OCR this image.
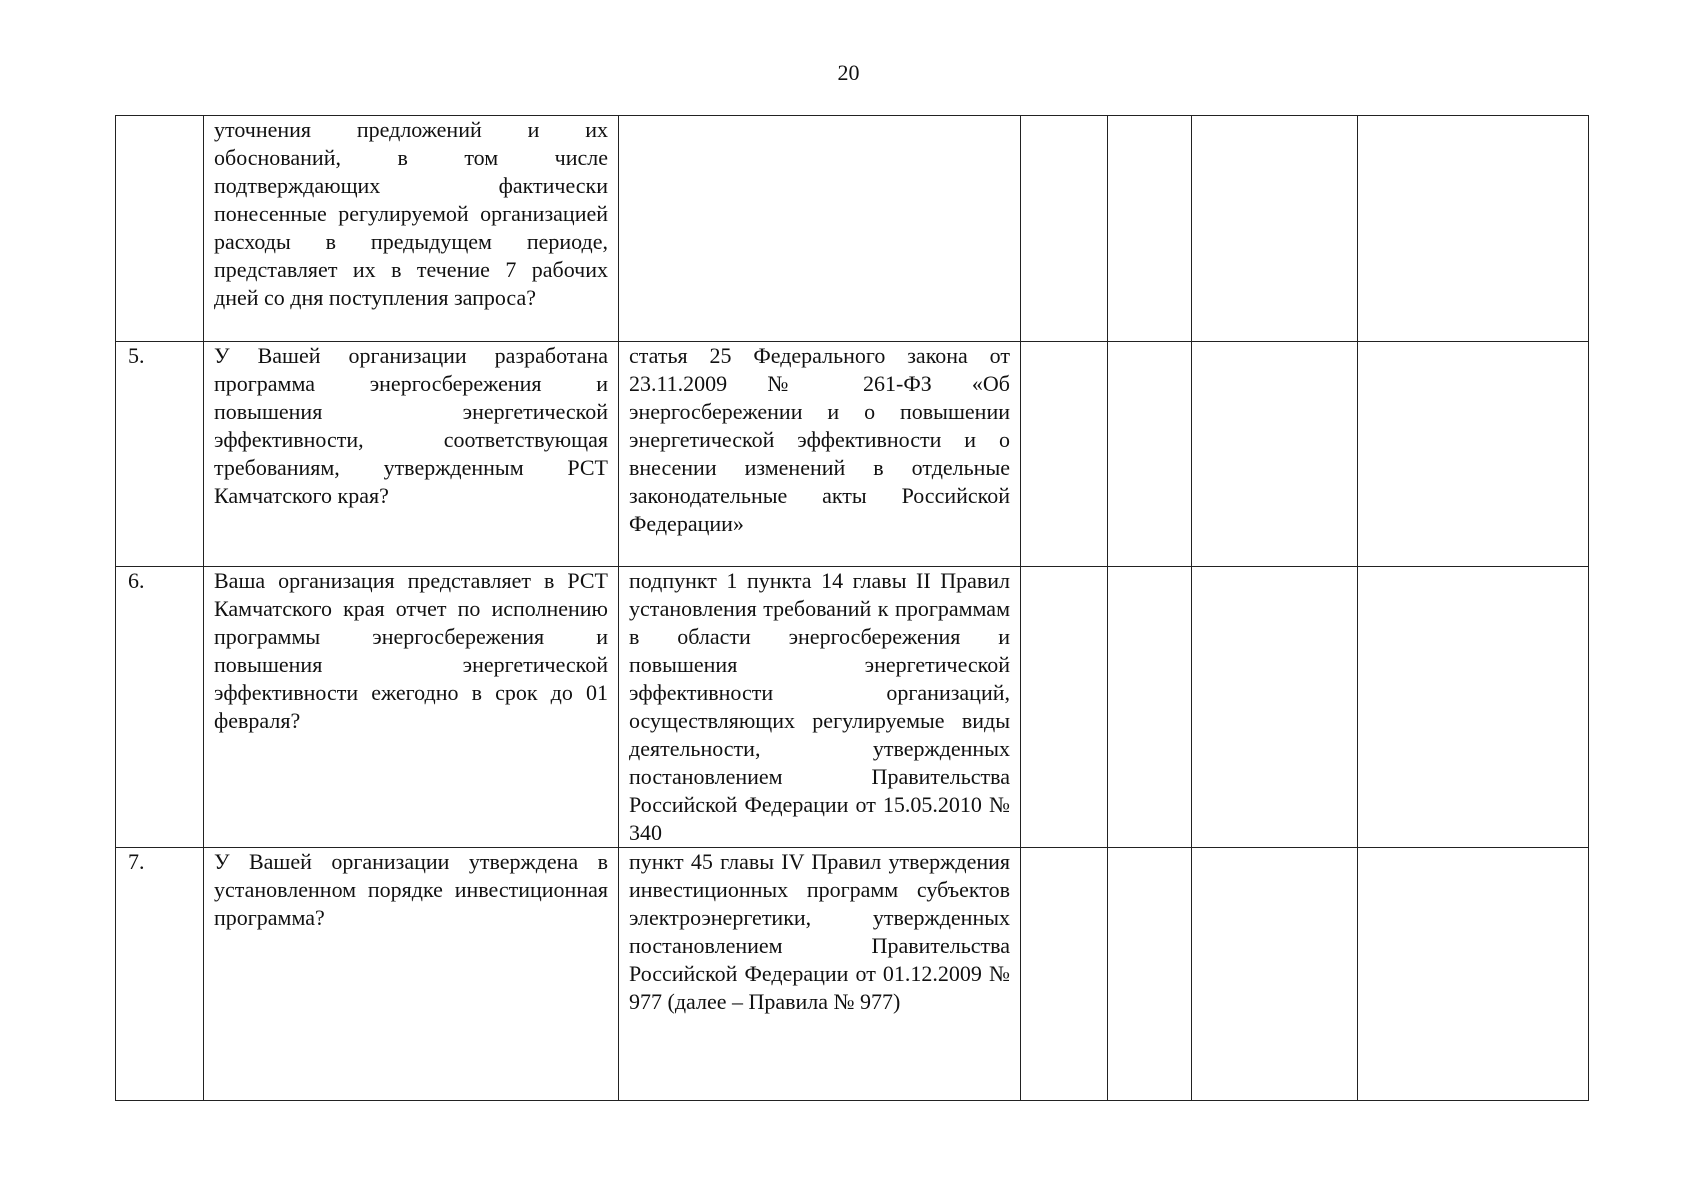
20
	уточнения предложений и их обоснований, в том числе подтверждающих фактически понесенные регулируемой организацией расходы в предыдущем периоде, представляет их в течение 7 рабочих дней со дня поступления запроса?					
5.	У Вашей организации разработана программа энергосбережения и повышения энергетической эффективности, соответствующая требованиям, утвержденным РСТ Камчатского края?	статья 25 Федерального закона от 23.11.2009 № 261-ФЗ «Об энергосбережении и о повышении энергетической эффективности и о внесении изменений в отдельные законодательные акты Российской Федерации»				
6.	Ваша организация представляет в РСТ Камчатского края отчет по исполнению программы энергосбережения и повышения энергетической эффективности ежегодно в срок до 01 февраля?	подпункт 1 пункта 14 главы II Правил установления требований к программам в области энергосбережения и повышения энергетической эффективности организаций, осуществляющих регулируемые виды деятельности, утвержденных постановлением Правительства Российской Федерации от 15.05.2010 № 340				
7.	У Вашей организации утверждена в установленном порядке инвестиционная программа?	пункт 45 главы IV Правил утверждения инвестиционных программ субъектов электроэнергетики, утвержденных постановлением Правительства Российской Федерации от 01.12.2009 № 977 (далее – Правила № 977)				
